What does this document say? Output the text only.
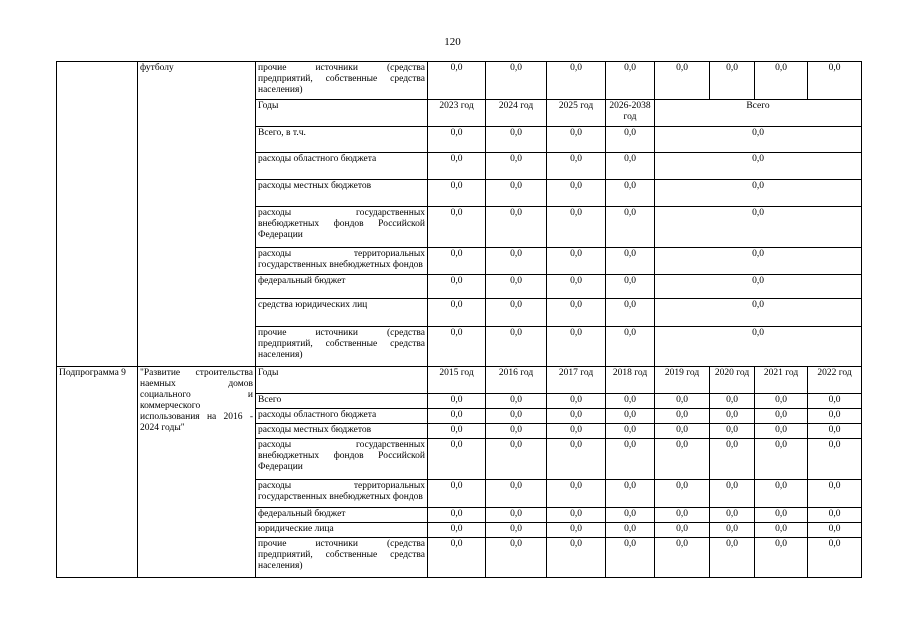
120
	футболу	прочие источники (средства предприятий, собственные средства населения)	0,0	0,0	0,0	0,0	0,0	0,0	0,0	0,0
		Годы	2023 год	2024 год	2025 год	2026-2038 год	Всего			
		Всего, в т.ч.	0,0	0,0	0,0	0,0	0,0			
		расходы областного бюджета	0,0	0,0	0,0	0,0	0,0			
		расходы местных бюджетов	0,0	0,0	0,0	0,0	0,0			
		расходы государственных внебюджетных фондов Российской Федерации	0,0	0,0	0,0	0,0	0,0			
		расходы территориальных государственных внебюджетных фондов	0,0	0,0	0,0	0,0	0,0			
		федеральный бюджет	0,0	0,0	0,0	0,0	0,0			
		средства юридических лиц	0,0	0,0	0,0	0,0	0,0			
		прочие источники (средства предприятий, собственные средства населения)	0,0	0,0	0,0	0,0	0,0			
Подпрограмма 9	"Развитие строительства наемных домов социального и коммерческого использования на 2016 - 2024 годы"	Годы	2015 год	2016 год	2017 год	2018 год	2019 год	2020 год	2021 год	2022 год
		Всего	0,0	0,0	0,0	0,0	0,0	0,0	0,0	0,0
		расходы областного бюджета	0,0	0,0	0,0	0,0	0,0	0,0	0,0	0,0
		расходы местных бюджетов	0,0	0,0	0,0	0,0	0,0	0,0	0,0	0,0
		расходы государственных внебюджетных фондов Российской Федерации	0,0	0,0	0,0	0,0	0,0	0,0	0,0	0,0
		расходы территориальных государственных внебюджетных фондов	0,0	0,0	0,0	0,0	0,0	0,0	0,0	0,0
		федеральный бюджет	0,0	0,0	0,0	0,0	0,0	0,0	0,0	0,0
		юридические лица	0,0	0,0	0,0	0,0	0,0	0,0	0,0	0,0
		прочие источники (средства предприятий, собственные средства населения)	0,0	0,0	0,0	0,0	0,0	0,0	0,0	0,0
